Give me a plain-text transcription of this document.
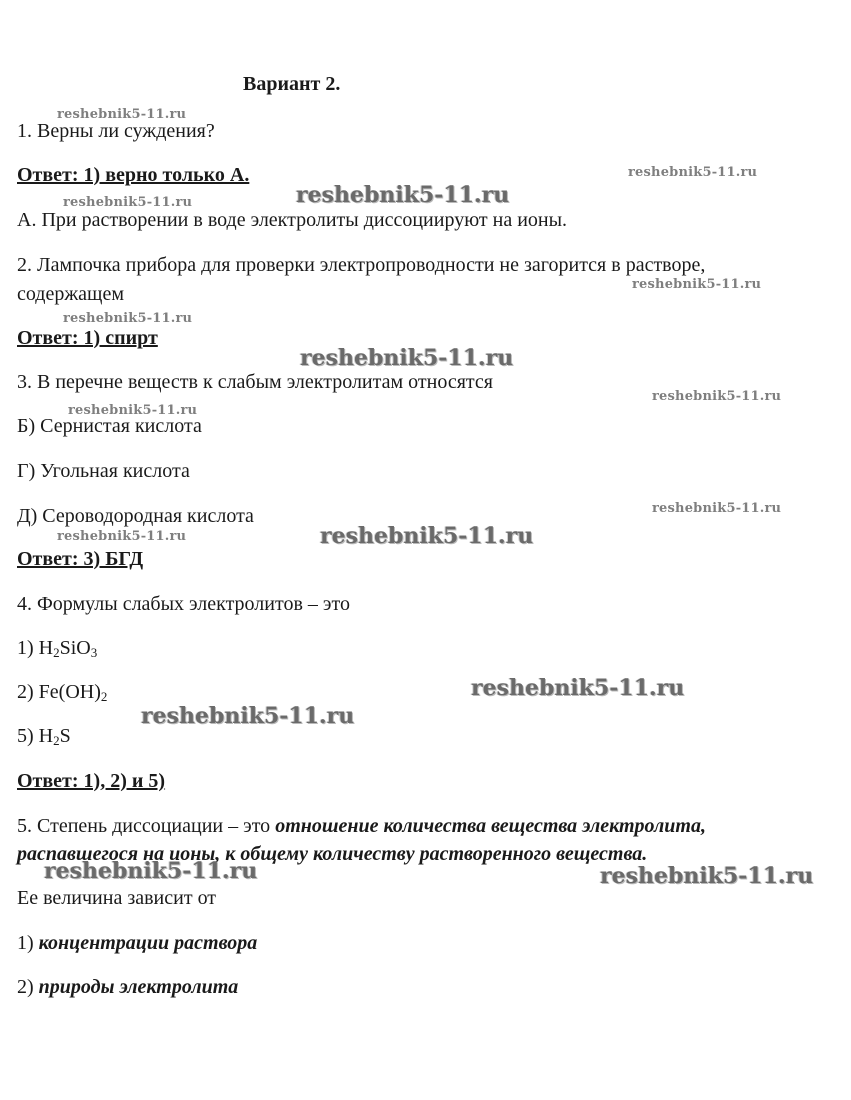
Вариант 2.
1. Верны ли суждения?
Ответ: 1) верно только А.
А. При растворении в воде электролиты диссоциируют на ионы.
2. Лампочка прибора для проверки электропроводности не загорится в растворе,
содержащем
Ответ: 1) спирт
3. В перечне веществ к слабым электролитам относятся
Б) Сернистая кислота
Г) Угольная кислота
Д) Сероводородная кислота
Ответ: 3) БГД
4. Формулы слабых электролитов – это
1) $H_2SiO_3$
2) $Fe(OH)_2$
5) $H_2S$
Ответ: 1), 2) и 5)
5. Степень диссоциации – это отношение количества вещества электролита,
распавшегося на ионы, к общему количеству растворенного вещества.
Ее величина зависит от
1) концентрации раствора
2) природы электролита
reshebnik5-11.ru
reshebnik5-11.ru
reshebnik5-11.ru
reshebnik5-11.ru
reshebnik5-11.ru
reshebnik5-11.ru
reshebnik5-11.ru
reshebnik5-11.ru
reshebnik5-11.ru
reshebnik5-11.ru
reshebnik5-11.ru
reshebnik5-11.ru
reshebnik5-11.ru
reshebnik5-11.ru
reshebnik5-11.ru	reshebnik5-11.ru
